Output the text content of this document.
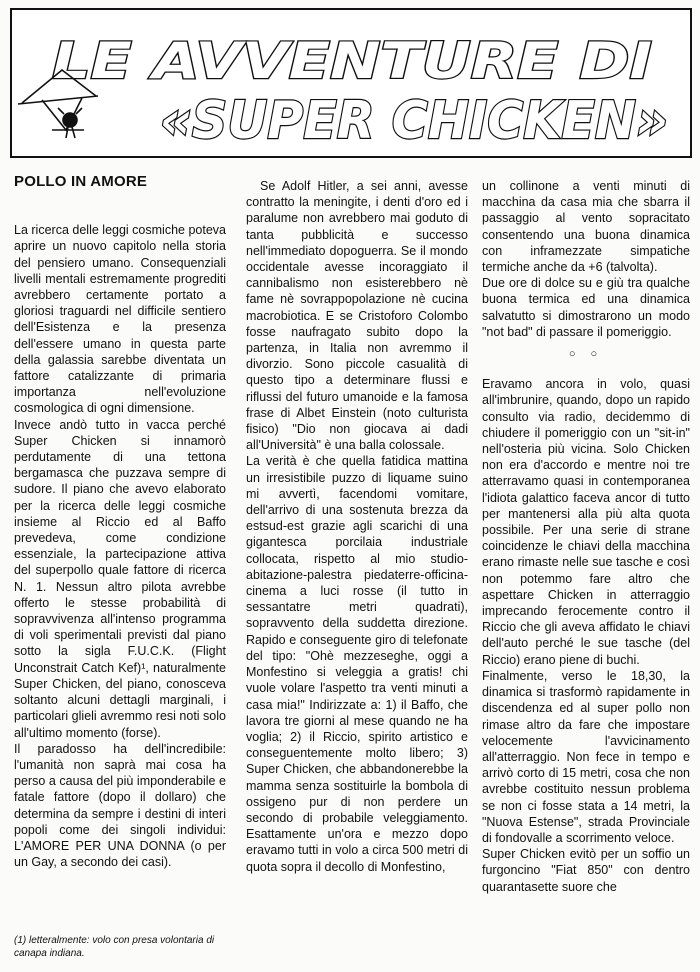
LE AVVENTURE DI
«SUPER CHICKEN»
POLLO IN AMORE

La ricerca delle leggi cosmiche poteva aprire un nuovo capitolo nella storia del pensiero umano. Consequenziali livelli mentali estremamente progrediti avrebbero certamente portato a gloriosi traguardi nel difficile sentiero dell'Esistenza e la presenza dell'essere umano in questa parte della galassia sarebbe diventata un fattore catalizzante di primaria importanza nell'evoluzione cosmologica di ogni dimensione.

Invece andò tutto in vacca perché Super Chicken si innamorò perdutamente di una tettona bergamasca che puzzava sempre di sudore. Il piano che avevo elaborato per la ricerca delle leggi cosmiche insieme al Riccio ed al Baffo prevedeva, come condizione essenziale, la partecipazione attiva del superpollo quale fattore di ricerca N. 1. Nessun altro pilota avrebbe offerto le stesse probabilità di sopravvivenza all'intenso programma di voli sperimentali previsti dal piano sotto la sigla F.U.C.K. (Flight Unconstrait Catch Kef)¹, naturalmente Super Chicken, del piano, conosceva soltanto alcuni dettagli marginali, i particolari glieli avremmo resi noti solo all'ultimo momento (forse).

Il paradosso ha dell'incredibile: l'umanità non saprà mai cosa ha perso a causa del più imponderabile e fatale fattore (dopo il dollaro) che determina da sempre i destini di interi popoli come dei singoli individui: L'AMORE PER UNA DONNA (o per un Gay, a secondo dei casi).

(1) letteralmente: volo con presa volontaria di canapa indiana.

Se Adolf Hitler, a sei anni, avesse contratto la meningite, i denti d'oro ed i paralume non avrebbero mai goduto di tanta pubblicità e successo nell'immediato dopoguerra. Se il mondo occidentale avesse incoraggiato il cannibalismo non esisterebbero nè fame nè sovrappopolazione nè cucina macrobiotica. E se Cristoforo Colombo fosse naufragato subito dopo la partenza, in Italia non avremmo il divorzio. Sono piccole casualità di questo tipo a determinare flussi e riflussi del futuro umanoide e la famosa frase di Albet Einstein (noto culturista fisico) "Dio non giocava ai dadi all'Università" è una balla colossale.

La verità è che quella fatidica mattina un irresistibile puzzo di liquame suino mi avvertì, facendomi vomitare, dell'arrivo di una sostenuta brezza da estsud-est grazie agli scarichi di una gigantesca porcilaia industriale collocata, rispetto al mio studio-abitazione-palestra piedaterre-officina-cinema a luci rosse (il tutto in sessantatre metri quadrati), sopravvento della suddetta direzione. Rapido e conseguente giro di telefonate del tipo: "Ohè mezzeseghe, oggi a Monfestino si veleggia a gratis! chi vuole volare l'aspetto tra venti minuti a casa mia!" Indirizzate a: 1) il Baffo, che lavora tre giorni al mese quando ne ha voglia; 2) il Riccio, spirito artistico e conseguentemente molto libero; 3) Super Chicken, che abbandonerebbe la mamma senza sostituirle la bombola di ossigeno pur di non perdere un secondo di probabile veleggiamento. Esattamente un'ora e mezzo dopo eravamo tutti in volo a circa 500 metri di quota sopra il decollo di Monfestino,

un collinone a venti minuti di macchina da casa mia che sbarra il passaggio al vento sopracitato consentendo una buona dinamica con inframezzate simpatiche termiche anche da +6 (talvolta).

Due ore di dolce su e giù tra qualche buona termica ed una dinamica salvatutto si dimostrarono un modo "not bad" di passare il pomeriggio.

○ ○

Eravamo ancora in volo, quasi all'imbrunire, quando, dopo un rapido consulto via radio, decidemmo di chiudere il pomeriggio con un "sit-in" nell'osteria più vicina. Solo Chicken non era d'accordo e mentre noi tre atterravamo quasi in contemporanea l'idiota galattico faceva ancor di tutto per mantenersi alla più alta quota possibile. Per una serie di strane coincidenze le chiavi della macchina erano rimaste nelle sue tasche e così non potemmo fare altro che aspettare Chicken in atterraggio imprecando ferocemente contro il Riccio che gli aveva affidato le chiavi dell'auto perché le sue tasche (del Riccio) erano piene di buchi.

Finalmente, verso le 18,30, la dinamica si trasformò rapidamente in discendenza ed al super pollo non rimase altro da fare che impostare velocemente l'avvicinamento all'atterraggio. Non fece in tempo e arrivò corto di 15 metri, cosa che non avrebbe costituito nessun problema se non ci fosse stata a 14 metri, la "Nuova Estense", strada Provinciale di fondovalle a scorrimento veloce.

Super Chicken evitò per un soffio un furgoncino "Fiat 850" con dentro quarantasette suore che
